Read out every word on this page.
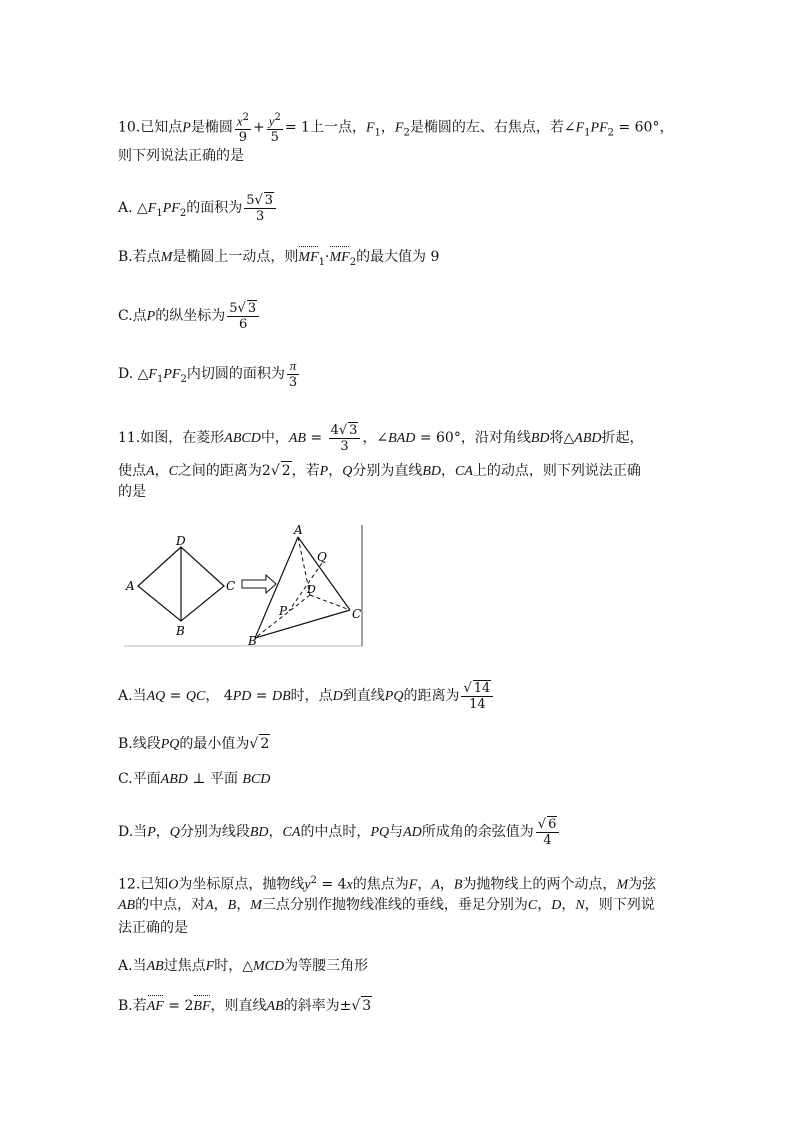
10.已知点P是椭圆 $\frac{x^2}{9} + \frac{y^2}{5} = 1$上一点，$F_1$，$F_2$是椭圆的左、右焦点，若$\angle F_1PF_2 = 60^\circ$，
则下列说法正确的是
A. $\triangle F_1PF_2$的面积为 $\frac{5√ 3}{3}$
B.若点M是椭圆上一动点，则$MF_1\cdot MF_2$的最大值为 9
C.点P的纵坐标为 $\frac{5√ 3}{6}$
D. $\triangle F_1PF_2$内切圆的面积为 $\frac{\pi}{3}$
11.如图，在菱形ABCD中，AB = $\frac{4√ 3}{3}$ ，∠BAD = 60°，沿对角线BD将△ABD折起，
使点A，C之间的距离为2√ 2，若P，Q分别为直线BD，CA上的动点，则下列说法正确
的是
D
A	C
B
A
Q
D
P	C
B
A.当AQ = QC， 4PD = DB时，点D到直线PQ的距离为 $\frac{√ 14}{14}$
B.线段PQ的最小值为√ 2
C.平面ABD ⊥ 平面 BCD
D.当P，Q分别为线段BD，CA的中点时，PQ与AD所成角的余弦值为 $\frac{√ 6}{4}$
12.已知O为坐标原点，抛物线$y^2 = 4x$的焦点为F，A，B为抛物线上的两个动点，M为弦
AB的中点，对A，B，M三点分别作抛物线准线的垂线，垂足分别为C，D，N，则下列说
法正确的是
A.当AB过焦点F时，△MCD为等腰三角形
B.若AF = 2BF，则直线AB的斜率为±√ 3
